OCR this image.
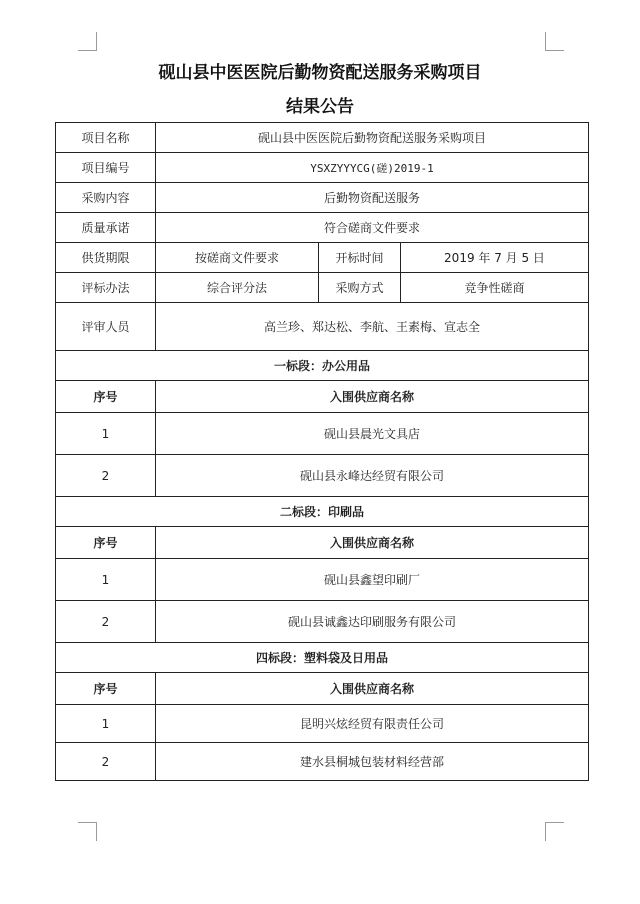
砚山县中医医院后勤物资配送服务采购项目
结果公告
项目名称	砚山县中医医院后勤物资配送服务采购项目		
项目编号	YSXZYYYCG(磋)2019-1		
采购内容	后勤物资配送服务		
质量承诺	符合磋商文件要求		
供货期限	按磋商文件要求	开标时间	2019 年 7 月 5 日
评标办法	综合评分法	采购方式	竞争性磋商
评审人员	高兰珍、郑达松、李航、王素梅、宣志全		
一标段：办公用品			
序号	入围供应商名称		
1	砚山县晨光文具店		
2	砚山县永峰达经贸有限公司		
二标段：印刷品			
序号	入围供应商名称		
1	砚山县鑫望印刷厂		
2	砚山县诚鑫达印刷服务有限公司		
四标段：塑料袋及日用品			
序号	入围供应商名称		
1	昆明兴炫经贸有限责任公司		
2	建水县桐城包装材料经营部		
